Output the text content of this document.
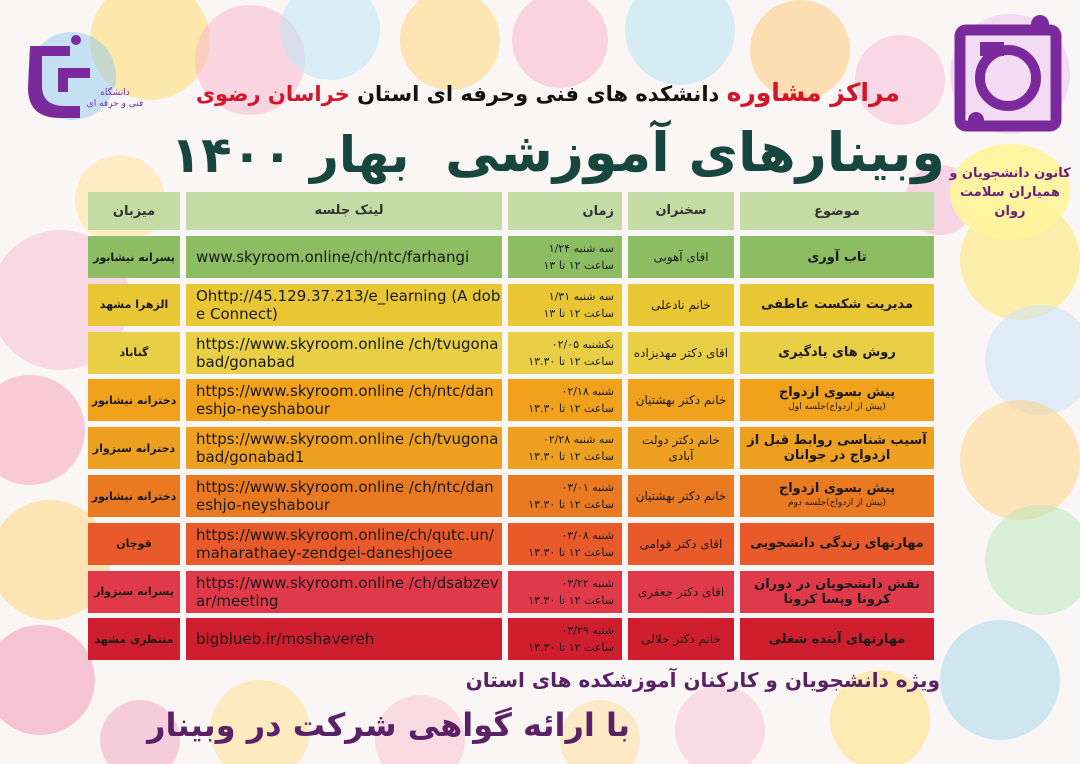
دانشگاه
فنی و حرفه ای
کانون دانشجویان و
همیاران سلامت
روان
مراکز مشاوره دانشکده های فنی وحرفه ای استان خراسان رضوی
وبینارهای آموزشی
بهار ۱۴۰۰
موضوع
سخنران
زمان
لینک جلسه
میزبان
تاب آوری
اقای آهوبی
سه شنبه ۱/۲۴
ساعت ۱۲ تا ۱۳
www.skyroom.online/ch/ntc/farhangi
پسرانه نیشابور
مدیریت شکست عاطفی
خانم نادعلی
سه شنبه ۱/۳۱
ساعت ۱۲ تا ۱۳
Ohttp://45.129.37.213/e_learning (A dobe Connect)
الزهرا مشهد
روش های یادگیری
اقای دکتر مهدیزاده
یکشنبه ۰۲/۰۵
ساعت ۱۲ تا ۱۳.۳۰
https://www.skyroom.online /ch/tvugonabad/gonabad
گناباد
پیش بسوی ازدواج
(پیش از ازدواج)جلسه اول
خانم دکتر بهشتیان
شنبه ۰۲/۱۸
ساعت ۱۲ تا ۱۳.۳۰
https://www.skyroom.online /ch/ntc/daneshjo-neyshabour
دخترانه نیشابور
آسیب شناسی روابط قبل از ازدواج در جوانان
خانم دکتر دولت آبادی
سه شنبه ۰۲/۲۸
ساعت ۱۲ تا ۱۳.۳۰
https://www.skyroom.online /ch/tvugonabad/gonabad1
دخترانه سبزوار
پیش بسوی ازدواج
(پیش از ازدواج)جلسه دوم
خانم دکتر بهشتیان
شنبه ۰۳/۰۱
ساعت ۱۲ تا ۱۳.۳۰
https://www.skyroom.online /ch/ntc/daneshjo-neyshabour
دخترانه نیشابور
مهارتهای زندگی دانشجویی
اقای دکتر قوامی
شنبه ۰۳/۰۸
ساعت ۱۲ تا ۱۳.۳۰
https://www.skyroom.online/ch/qutc.un/ maharathaey-zendgei-daneshjoee
قوچان
نقش دانشجویان در دوران کرونا وپسا کرونا
اقای دکتر جعفری
شنبه ۰۳/۲۲
ساعت ۱۲ تا ۱۳.۳۰
https://www.skyroom.online /ch/dsabzevar/meeting
پسرانه سبزوار
مهارتهای آینده شغلی
خانم دکتر جلالی
شنبه ۰۳/۲۹
ساعت ۱۲ تا ۱۳.۳۰
bigblueb.ir/moshavereh
منتظری مشهد
ویژه دانشجویان و کارکنان آموزشکده های استان
با ارائه گواهی شرکت در وبینار
